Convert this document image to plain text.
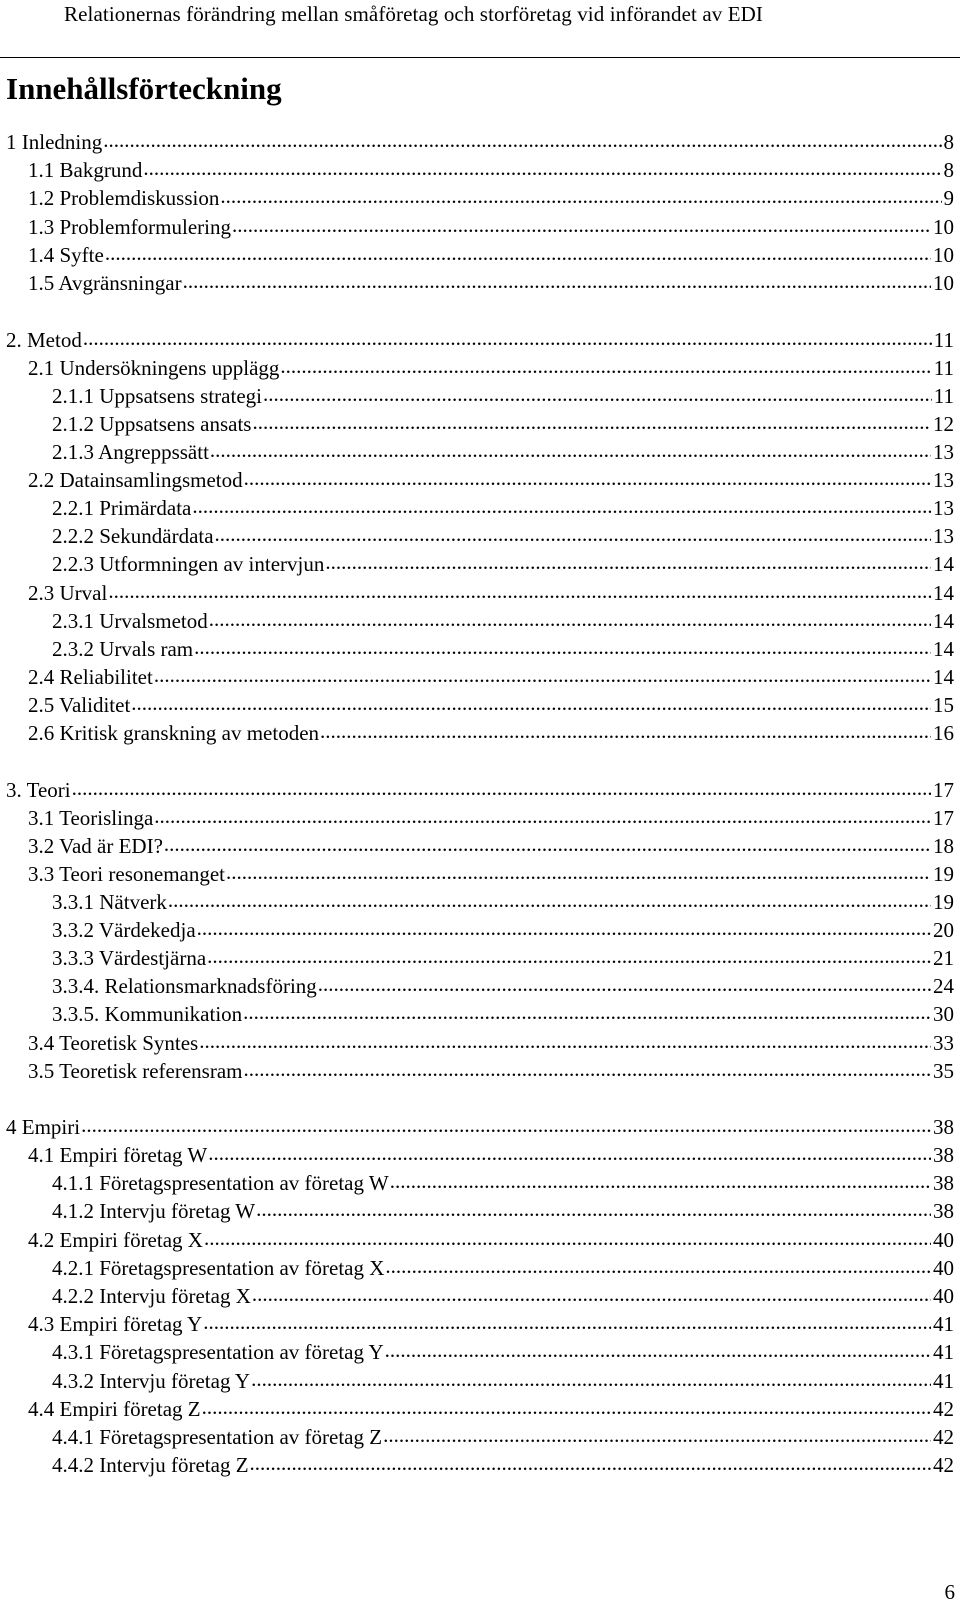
Relationernas förändring mellan småföretag och storföretag vid införandet av EDI
Innehållsförteckning
1 Inledning .....	8
1.1 Bakgrund .....	8
1.2 Problemdiskussion .....	9
1.3 Problemformulering .....	10
1.4 Syfte .....	10
1.5 Avgränsningar .....	10
2. Metod .....	11
2.1 Undersökningens upplägg .....	11
2.1.1 Uppsatsens strategi .....	11
2.1.2 Uppsatsens ansats .....	12
2.1.3 Angreppssätt .....	13
2.2 Datainsamlingsmetod .....	13
2.2.1 Primärdata .....	13
2.2.2 Sekundärdata .....	13
2.2.3 Utformningen av intervjun .....	14
2.3 Urval .....	14
2.3.1 Urvalsmetod .....	14
2.3.2 Urvals ram .....	14
2.4 Reliabilitet .....	14
2.5 Validitet .....	15
2.6 Kritisk granskning av metoden .....	16
3. Teori .....	17
3.1 Teorislinga .....	17
3.2 Vad är EDI? .....	18
3.3 Teori resonemanget .....	19
3.3.1 Nätverk .....	19
3.3.2 Värdekedja .....	20
3.3.3 Värdestjärna .....	21
3.3.4. Relationsmarknadsföring .....	24
3.3.5. Kommunikation .....	30
3.4 Teoretisk Syntes .....	33
3.5 Teoretisk referensram .....	35
4 Empiri .....	38
4.1 Empiri företag W .....	38
4.1.1 Företagspresentation av företag W .....	38
4.1.2 Intervju företag W .....	38
4.2 Empiri företag X .....	40
4.2.1 Företagspresentation av företag X .....	40
4.2.2 Intervju företag X .....	40
4.3 Empiri företag Y .....	41
4.3.1 Företagspresentation av företag Y .....	41
4.3.2 Intervju företag Y .....	41
4.4 Empiri företag Z .....	42
4.4.1 Företagspresentation av företag Z .....	42
4.4.2 Intervju företag Z .....	42
6
